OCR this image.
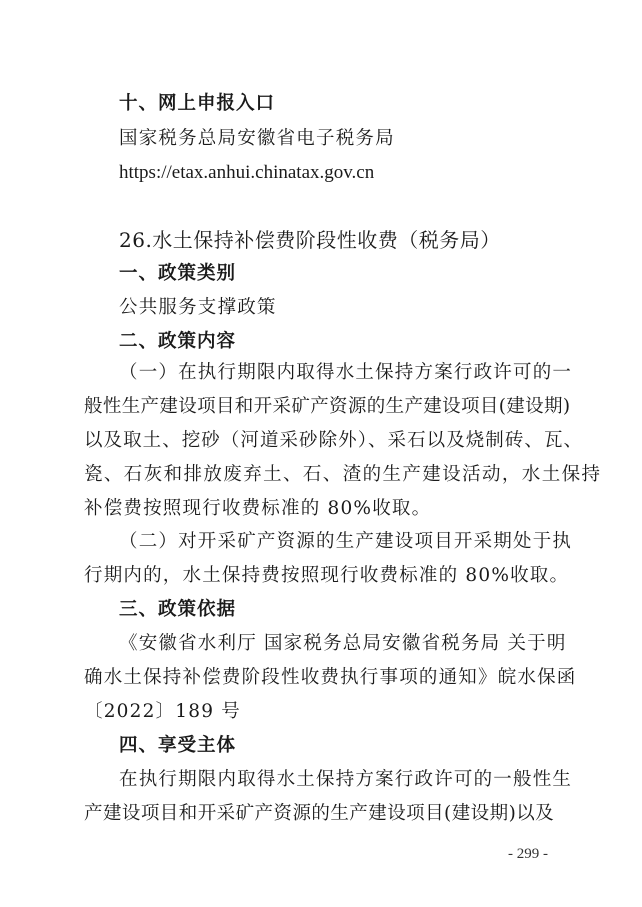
十、网上申报入口
国家税务总局安徽省电子税务局
https://etax.anhui.chinatax.gov.cn
26.水土保持补偿费阶段性收费（税务局）
一、政策类别
公共服务支撑政策
二、政策内容
（一）在执行期限内取得水土保持方案行政许可的一
般性生产建设项目和开采矿产资源的生产建设项目(建设期)
以及取土、挖砂（河道采砂除外）、采石以及烧制砖、瓦、
瓷、石灰和排放废弃土、石、渣的生产建设活动，水土保持
补偿费按照现行收费标准的 80%收取。
（二）对开采矿产资源的生产建设项目开采期处于执
行期内的，水土保持费按照现行收费标准的 80%收取。
三、政策依据
《安徽省水利厅 国家税务总局安徽省税务局 关于明
确水土保持补偿费阶段性收费执行事项的通知》皖水保函
〔2022〕189 号
四、享受主体
在执行期限内取得水土保持方案行政许可的一般性生
产建设项目和开采矿产资源的生产建设项目(建设期)以及
- 299 -
